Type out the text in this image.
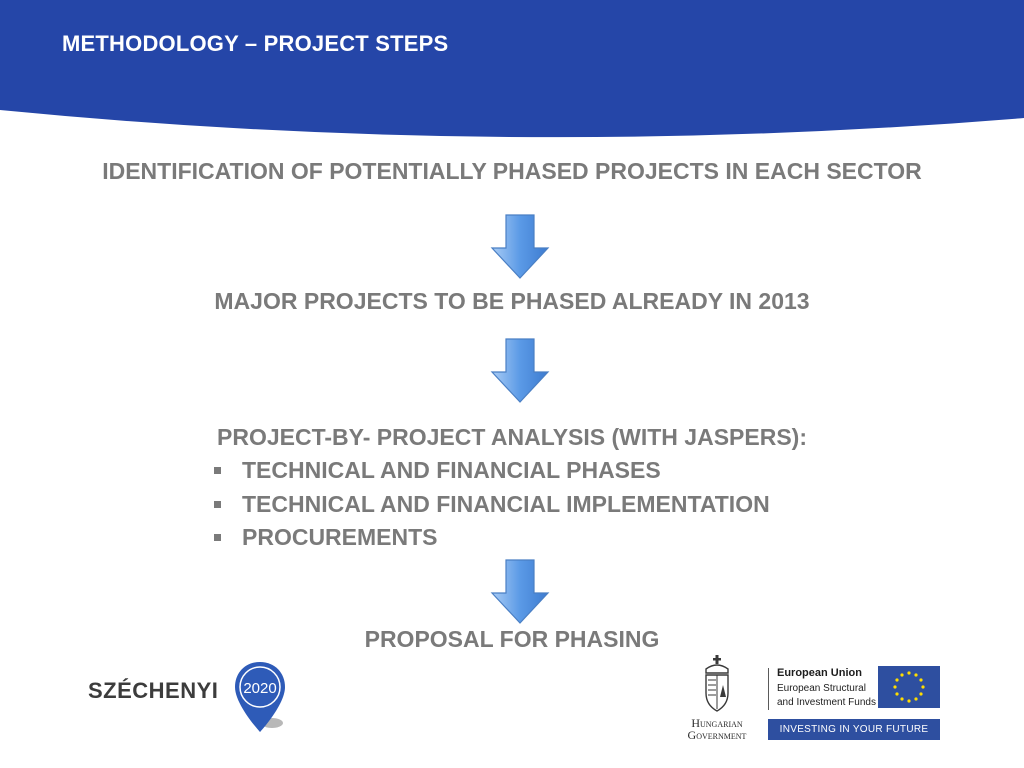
METHODOLOGY – PROJECT STEPS
IDENTIFICATION OF POTENTIALLY PHASED PROJECTS IN EACH SECTOR
MAJOR PROJECTS TO BE PHASED ALREADY IN 2013
PROJECT-BY- PROJECT ANALYSIS (WITH JASPERS):
TECHNICAL AND FINANCIAL PHASES
TECHNICAL AND FINANCIAL IMPLEMENTATION
PROCUREMENTS
PROPOSAL FOR PHASING
SZÉCHENYI 2020
Hungarian
Government
European Union
European Structural
and Investment Funds
INVESTING IN YOUR FUTURE
